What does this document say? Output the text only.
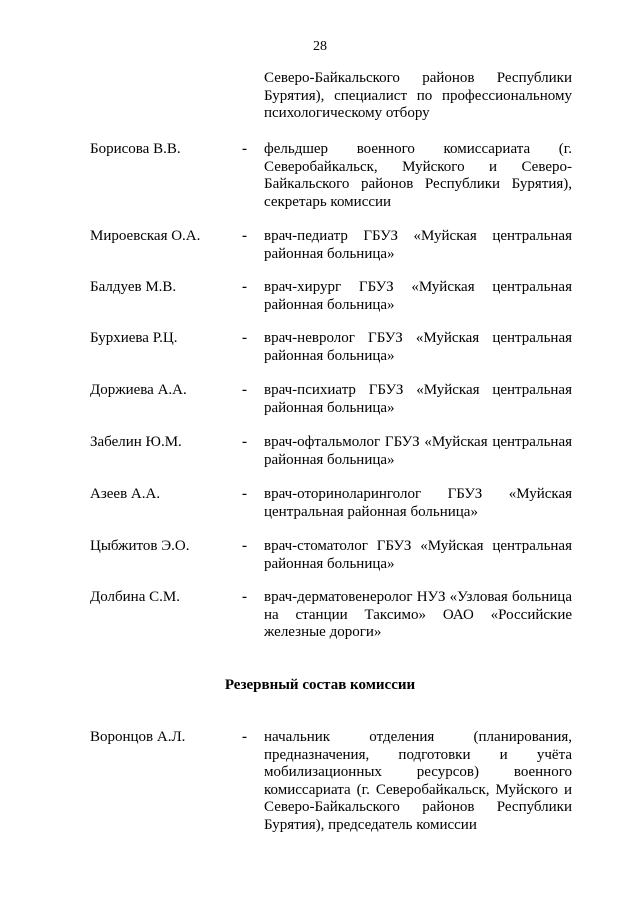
28
Северо-Байкальского районов Республики Бурятия), специалист по профессиональному психологическому отбору
Борисова В.В.	- фельдшер военного комиссариата (г. Северобайкальск, Муйского и Северо-Байкальского районов Республики Бурятия), секретарь комиссии
Мироевская О.А.	- врач-педиатр ГБУЗ «Муйская центральная районная больница»
Балдуев М.В.	- врач-хирург ГБУЗ «Муйская центральная районная больница»
Бурхиева Р.Ц.	- врач-невролог ГБУЗ «Муйская центральная районная больница»
Доржиева А.А.	- врач-психиатр ГБУЗ «Муйская центральная районная больница»
Забелин Ю.М.	- врач-офтальмолог ГБУЗ «Муйская центральная районная больница»
Азеев А.А.	- врач-оториноларинголог ГБУЗ «Муйская центральная районная больница»
Цыбжитов Э.О.	- врач-стоматолог ГБУЗ «Муйская центральная районная больница»
Долбина С.М.	- врач-дерматовенеролог НУЗ «Узловая больница на станции Таксимо» ОАО «Российские железные дороги»
Резервный состав комиссии
Воронцов А.Л.	- начальник отделения (планирования, предназначения, подготовки и учёта мобилизационных ресурсов) военного комиссариата (г. Северобайкальск, Муйского и Северо-Байкальского районов Республики Бурятия), председатель комиссии
